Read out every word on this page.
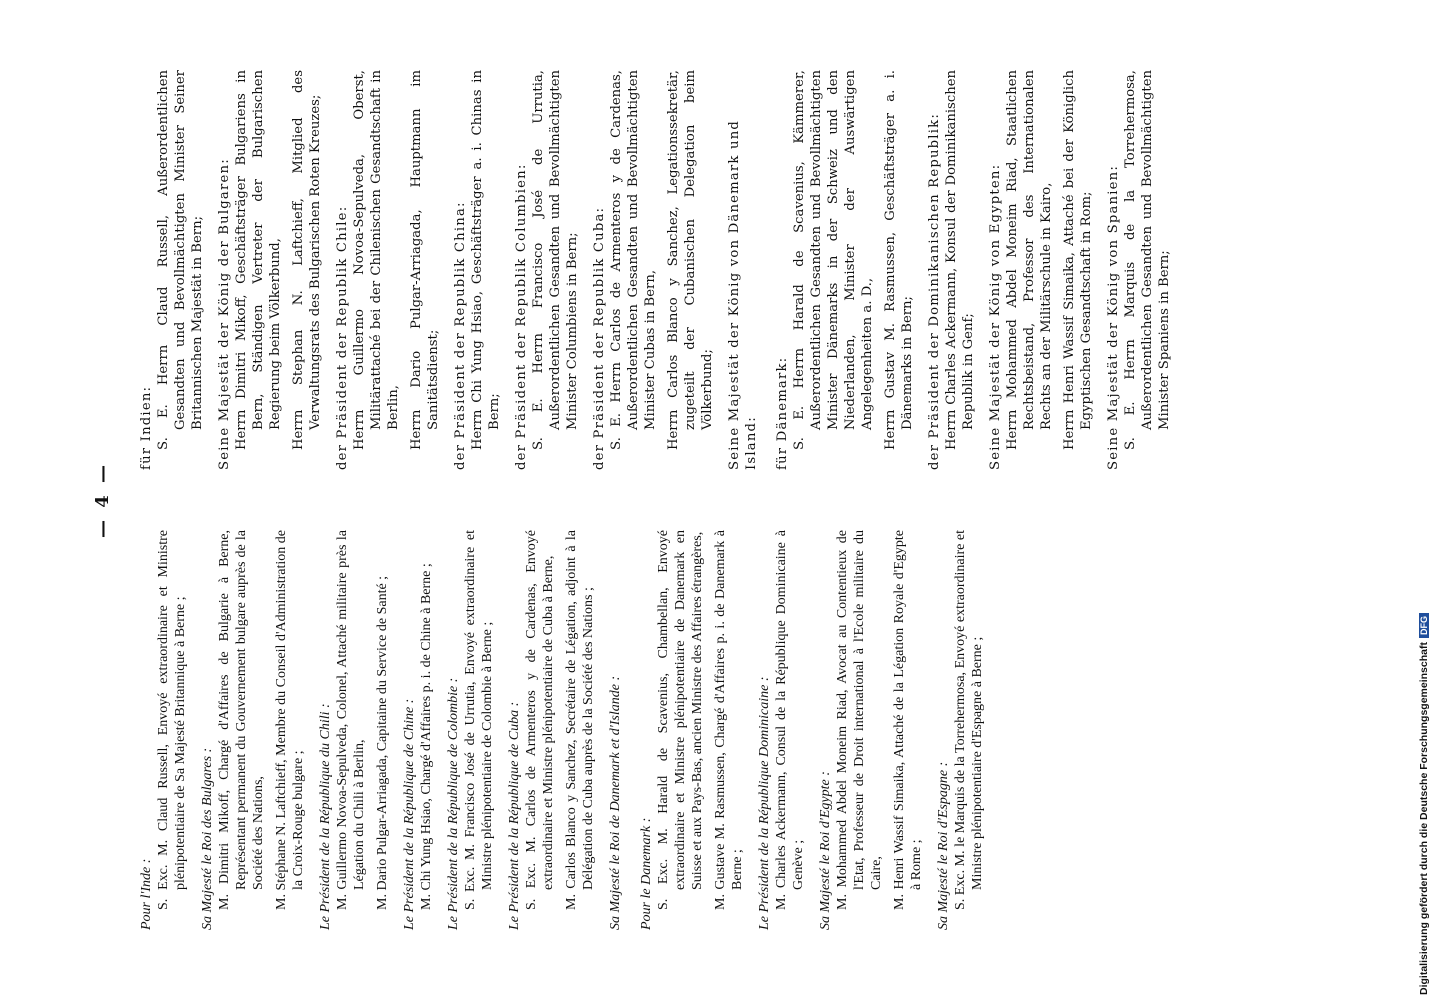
— 4 —
Pour l'Inde : S. Exc. M. Claud Russell, Envoyé extraordinaire et Ministre plénipotentiaire de Sa Majesté Britannique à Berne ; Sa Majesté le Roi des Bulgares : M. Dimitri Mikoff, Chargé d'Affaires de Bulgarie à Berne, Représentant permanent du Gouvernement bulgare auprès de la Société des Nations, M. Stéphane N. Laftchieff, Membre du Conseil d'Administration de la Croix-Rouge bulgare ; Le Président de la République du Chili : M. Guillermo Novoa-Sepulveda, Colonel, Attaché militaire près la Légation du Chili à Berlin, M. Dario Pulgar-Arriagada, Capitaine du Service de Santé ; Le Président de la République de Chine : M. Chi Yung Hsiao, Chargé d'Affaires p. i. de Chine à Berne ; Le Président de la République de Colombie : S. Exc. M. Francisco José de Urrutia, Envoyé extraordinaire et Ministre plénipotentiaire de Colombie à Berne ; Le Président de la République de Cuba : S. Exc. M. Carlos de Armenteros y de Cardenas, Envoyé extraordinaire et Ministre plénipotentiaire de Cuba à Berne, M. Carlos Blanco y Sanchez, Secrétaire de Légation, adjoint à la Délégation de Cuba auprès de la Société des Nations ; Sa Majesté le Roi de Danemark et d'Islande : Pour le Danemark : S. Exc. M. Harald de Scavenius, Chambellan, Envoyé extraordinaire et Ministre plénipotentiaire de Danemark en Suisse et aux Pays-Bas, ancien Ministre des Affaires étrangères, M. Gustave M. Rasmussen, Chargé d'Affaires p. i. de Danemark à Berne ; Le Président de la République Dominicaine : M. Charles Ackermann, Consul de la République Dominicaine à Genève ; Sa Majesté le Roi d'Egypte : M. Mohammed Abdel Moneim Riad, Avocat au Contentieux de l'Etat, Professeur de Droit international à l'Ecole militaire du Caire, M. Henri Wassif Simaika, Attaché de la Légation Royale d'Egypte à Rome ; Sa Majesté le Roi d'Espagne : S. Exc. M. le Marquis de la Torrehermosa, Envoyé extraordinaire et Ministre plénipotentiaire d'Espagne à Berne ;

für Indien: S. E. Herrn Claud Russell, Außerordentlichen Gesandten und Bevollmächtigten Minister Seiner Britannischen Majestät in Bern; Seine Majestät der König der Bulgaren: Herrn Dimitri Mikoff, Geschäftsträger Bulgariens in Bern, Ständigen Vertreter der Bulgarischen Regierung beim Völkerbund, Herrn Stephan N. Laftchieff, Mitglied des Verwaltungsrats des Bulgarischen Roten Kreuzes; der Präsident der Republik Chile: Herrn Guillermo Novoa-Sepulveda, Oberst, Militärattaché bei der Chilenischen Gesandtschaft in Berlin, Herrn Dario Pulgar-Arriagada, Hauptmann im Sanitätsdienst; der Präsident der Republik China: Herrn Chi Yung Hsiao, Geschäftsträger a. i. Chinas in Bern; der Präsident der Republik Columbien: S. E. Herrn Francisco José de Urrutia, Außerordentlichen Gesandten und Bevollmächtigten Minister Columbiens in Bern; der Präsident der Republik Cuba: S. E. Herrn Carlos de Armenteros y de Cardenas, Außerordentlichen Gesandten und Bevollmächtigten Minister Cubas in Bern, Herrn Carlos Blanco y Sanchez, Legationssekretär, zugeteilt der Cubanischen Delegation beim Völkerbund; Seine Majestät der König von Dänemark und Island: für Dänemark: S. E. Herrn Harald de Scavenius, Kämmerer, Außerordentlichen Gesandten und Bevollmächtigten Minister Dänemarks in der Schweiz und den Niederlanden, Minister der Auswärtigen Angelegenheiten a. D., Herrn Gustav M. Rasmussen, Geschäftsträger a. i. Dänemarks in Bern; der Präsident der Dominikanischen Republik: Herrn Charles Ackermann, Konsul der Dominikanischen Republik in Genf; Seine Majestät der König von Egypten: Herrn Mohammed Abdel Moneim Riad, Staatlichen Rechtsbeistand, Professor des Internationalen Rechts an der Militärschule in Kairo, Herrn Henri Wassif Simaika, Attaché bei der Königlich Egyptischen Gesandtschaft in Rom; Seine Majestät der König von Spanien: S. E. Herrn Marquis de la Torrehermosa, Außerordentlichen Gesandten und Bevollmächtigten Minister Spaniens in Bern;

Digitalisierung gefördert durch die Deutsche ForschungsgemeinschaftDFG
